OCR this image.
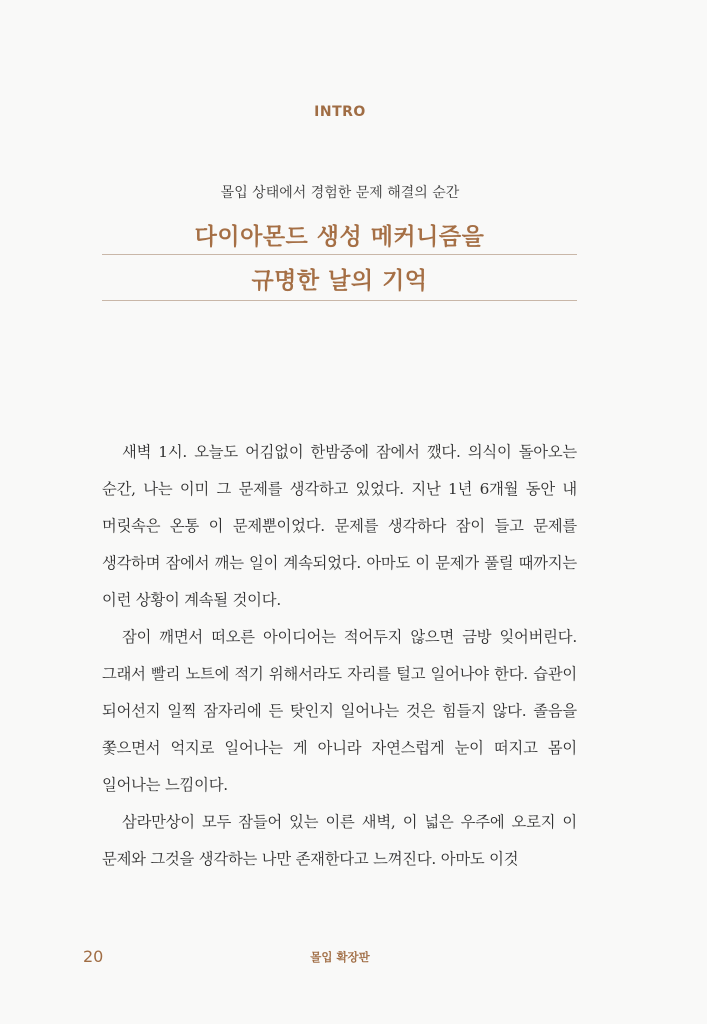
INTRO
몰입 상태에서 경험한 문제 해결의 순간
다이아몬드 생성 메커니즘을
규명한 날의 기억

새벽 1시. 오늘도 어김없이 한밤중에 잠에서 깼다. 의식이 돌아오는 순간, 나는 이미 그 문제를 생각하고 있었다. 지난 1년 6개월 동안 내 머릿속은 온통 이 문제뿐이었다. 문제를 생각하다 잠이 들고 문제를 생각하며 잠에서 깨는 일이 계속되었다. 아마도 이 문제가 풀릴 때까지는 이런 상황이 계속될 것이다.

잠이 깨면서 떠오른 아이디어는 적어두지 않으면 금방 잊어버린다. 그래서 빨리 노트에 적기 위해서라도 자리를 털고 일어나야 한다. 습관이 되어선지 일찍 잠자리에 든 탓인지 일어나는 것은 힘들지 않다. 졸음을 쫓으면서 억지로 일어나는 게 아니라 자연스럽게 눈이 떠지고 몸이 일어나는 느낌이다.

삼라만상이 모두 잠들어 있는 이른 새벽, 이 넓은 우주에 오로지 이 문제와 그것을 생각하는 나만 존재한다고 느껴진다. 아마도 이것

20	몰입 확장판
